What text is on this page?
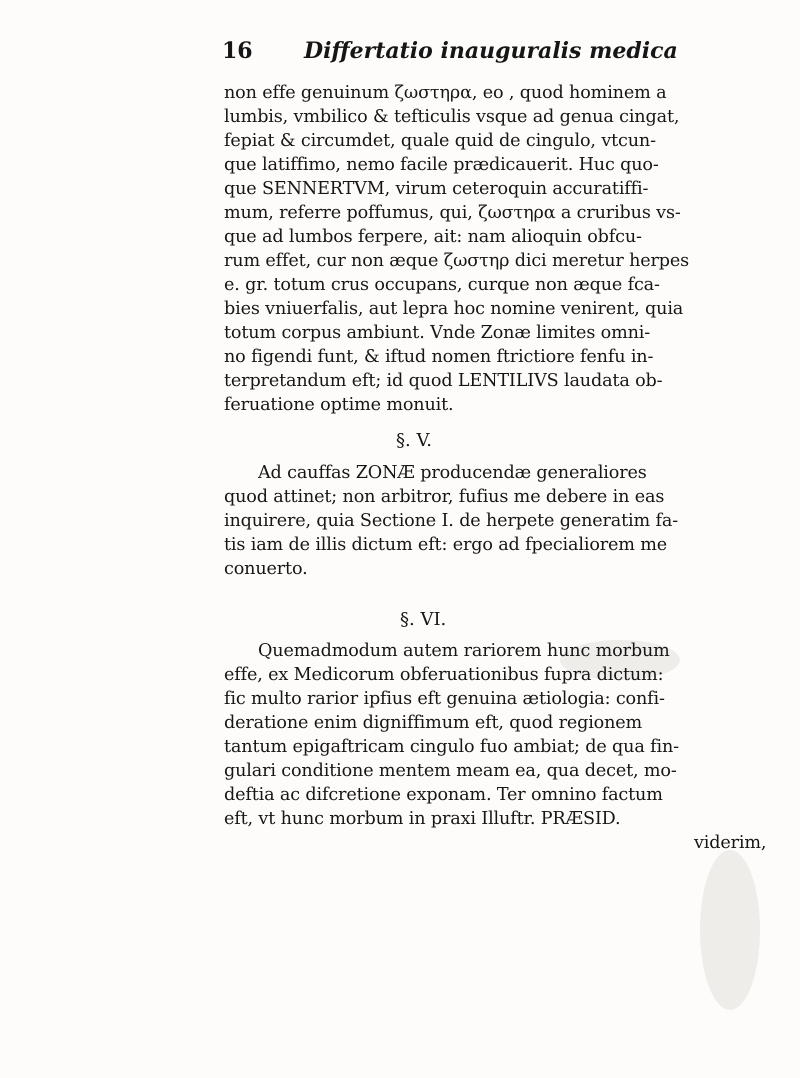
16 Differtatio inauguralis medica
non effe genuinum ζωστηρα, eo , quod hominem a
lumbis, vmbilico & tefticulis vsque ad genua cingat,
fepiat & circumdet, quale quid de cingulo, vtcun-
que latiffimo, nemo facile prædicauerit. Huc quo-
que SENNERTVM, virum ceteroquin accuratiffi-
mum, referre poffumus, qui, ζωστηρα a cruribus vs-
que ad lumbos ferpere, ait: nam alioquin obfcu-
rum effet, cur non æque ζωστηρ dici meretur herpes
e. gr. totum crus occupans, curque non æque fca-
bies vniuerfalis, aut lepra hoc nomine venirent, quia
totum corpus ambiunt. Vnde Zonæ limites omni-
no figendi funt, & iftud nomen ftrictiore fenfu in-
terpretandum eft; id quod LENTILIVS laudata ob-
feruatione optime monuit.
§. V.
Ad cauffas ZONÆ producendæ generaliores
quod attinet; non arbitror, fufius me debere in eas
inquirere, quia Sectione I. de herpete generatim fa-
tis iam de illis dictum eft: ergo ad fpecialiorem me
conuerto.
§. VI.
Quemadmodum autem rariorem hunc morbum
effe, ex Medicorum obferuationibus fupra dictum:
fic multo rarior ipfius eft genuina ætiologia: confi-
deratione enim digniffimum eft, quod regionem
tantum epigaftricam cingulo fuo ambiat; de qua fin-
gulari conditione mentem meam ea, qua decet, mo-
deftia ac difcretione exponam. Ter omnino factum
eft, vt hunc morbum in praxi Illuftr. PRÆSID.
viderim,
